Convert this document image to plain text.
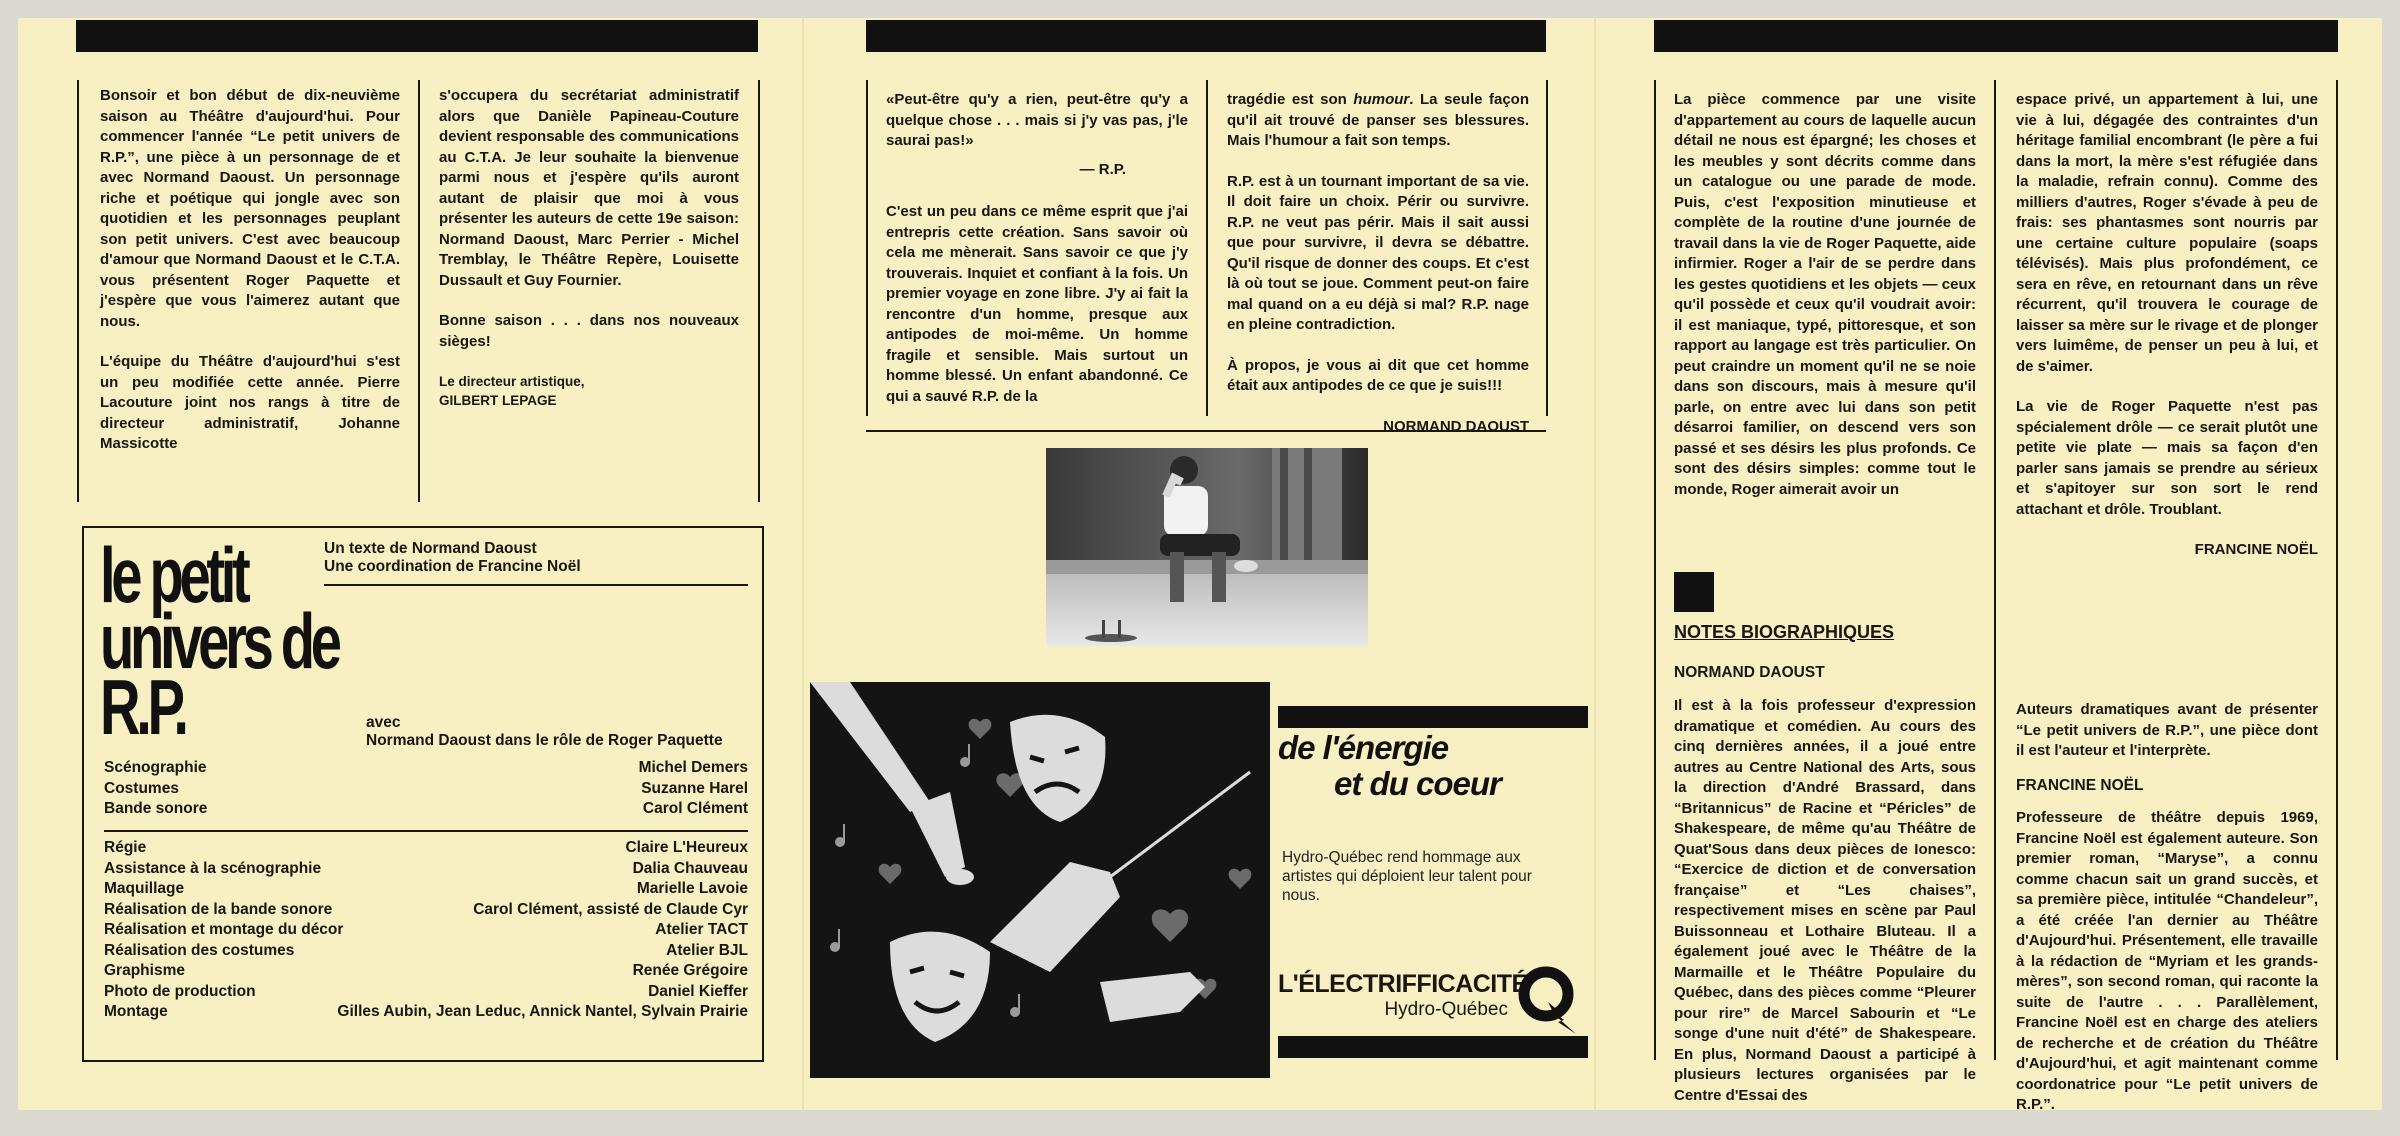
Bonsoir et bon début de dix-neuvième saison au Théâtre d'aujourd'hui. Pour commencer l'année “Le petit univers de R.P.”, une pièce à un personnage de et avec Normand Daoust. Un personnage riche et poétique qui jongle avec son quotidien et les personnages peuplant son petit univers. C'est avec beaucoup d'amour que Normand Daoust et le C.T.A. vous présentent Roger Paquette et j'espère que vous l'aimerez autant que nous.

L'équipe du Théâtre d'aujourd'hui s'est un peu modifiée cette année. Pierre Lacouture joint nos rangs à titre de directeur administratif, Johanne Massicotte

s'occupera du secrétariat administratif alors que Danièle Papineau-Couture devient responsable des communications au C.T.A. Je leur souhaite la bienvenue parmi nous et j'espère qu'ils auront autant de plaisir que moi à vous présenter les auteurs de cette 19e saison: Normand Daoust, Marc Perrier - Michel Tremblay, le Théâtre Repère, Louisette Dussault et Guy Fournier.

Bonne saison . . . dans nos nouveaux sièges!

Le directeur artistique,
GILBERT LEPAGE
le petit univers de R.P.
Un texte de Normand Daoust
Une coordination de Francine Noël
avec
Normand Daoust dans le rôle de Roger Paquette
Scénographie	Michel Demers
Costumes	Suzanne Harel
Bande sonore	Carol Clément
Régie	Claire L'Heureux
Assistance à la scénographie	Dalia Chauveau
Maquillage	Marielle Lavoie
Réalisation de la bande sonore	Carol Clément, assisté de Claude Cyr
Réalisation et montage du décor	Atelier TACT
Réalisation des costumes	Atelier BJL
Graphisme	Renée Grégoire
Photo de production	Daniel Kieffer
Montage	Gilles Aubin, Jean Leduc, Annick Nantel, Sylvain Prairie
«Peut-être qu'y a rien, peut-être qu'y a quelque chose . . . mais si j'y vas pas, j'le saurai pas!»
— R.P.

C'est un peu dans ce même esprit que j'ai entrepris cette création. Sans savoir où cela me mènerait. Sans savoir ce que j'y trouverais. Inquiet et confiant à la fois. Un premier voyage en zone libre. J'y ai fait la rencontre d'un homme, presque aux antipodes de moi-même. Un homme fragile et sensible. Mais surtout un homme blessé. Un enfant abandonné. Ce qui a sauvé R.P. de la

tragédie est son humour. La seule façon qu'il ait trouvé de panser ses blessures. Mais l'humour a fait son temps.

R.P. est à un tournant important de sa vie. Il doit faire un choix. Périr ou survivre. R.P. ne veut pas périr. Mais il sait aussi que pour survivre, il devra se débattre. Qu'il risque de donner des coups. Et c'est là où tout se joue. Comment peut-on faire mal quand on a eu déjà si mal? R.P. nage en pleine contradiction.

À propos, je vous ai dit que cet homme était aux antipodes de ce que je suis!!!

NORMAND DAOUST
de l'énergie
et du coeur
Hydro-Québec rend hommage aux artistes qui déploient leur talent pour nous.
L'ÉLECTRIFFICACITÉ
Hydro-Québec

La pièce commence par une visite d'appartement au cours de laquelle aucun détail ne nous est épargné; les choses et les meubles y sont décrits comme dans un catalogue ou une parade de mode. Puis, c'est l'exposition minutieuse et complète de la routine d'une journée de travail dans la vie de Roger Paquette, aide infirmier. Roger a l'air de se perdre dans les gestes quotidiens et les objets — ceux qu'il possède et ceux qu'il voudrait avoir: il est maniaque, typé, pittoresque, et son rapport au langage est très particulier. On peut craindre un moment qu'il ne se noie dans son discours, mais à mesure qu'il parle, on entre avec lui dans son petit désarroi familier, on descend vers son passé et ses désirs les plus profonds. Ce sont des désirs simples: comme tout le monde, Roger aimerait avoir un

espace privé, un appartement à lui, une vie à lui, dégagée des contraintes d'un héritage familial encombrant (le père a fui dans la mort, la mère s'est réfugiée dans la maladie, refrain connu). Comme des milliers d'autres, Roger s'évade à peu de frais: ses phantasmes sont nourris par une certaine culture populaire (soaps télévisés). Mais plus profondément, ce sera en rêve, en retournant dans un rêve récurrent, qu'il trouvera le courage de laisser sa mère sur le rivage et de plonger vers luimême, de penser un peu à lui, et de s'aimer.

La vie de Roger Paquette n'est pas spécialement drôle — ce serait plutôt une petite vie plate — mais sa façon d'en parler sans jamais se prendre au sérieux et s'apitoyer sur son sort le rend attachant et drôle. Troublant.

FRANCINE NOËL
NOTES BIOGRAPHIQUES
NORMAND DAOUST

Il est à la fois professeur d'expression dramatique et comédien. Au cours des cinq dernières années, il a joué entre autres au Centre National des Arts, sous la direction d'André Brassard, dans “Britannicus” de Racine et “Péricles” de Shakespeare, de même qu'au Théâtre de Quat'Sous dans deux pièces de Ionesco: “Exercice de diction et de conversation française” et “Les chaises”, respectivement mises en scène par Paul Buissonneau et Lothaire Bluteau. Il a également joué avec le Théâtre de la Marmaille et le Théâtre Populaire du Québec, dans des pièces comme “Pleurer pour rire” de Marcel Sabourin et “Le songe d'une nuit d'été” de Shakespeare. En plus, Normand Daoust a participé à plusieurs lectures organisées par le Centre d'Essai des

Auteurs dramatiques avant de présenter “Le petit univers de R.P.”, une pièce dont il est l'auteur et l'interprète.

FRANCINE NOËL

Professeure de théâtre depuis 1969, Francine Noël est également auteure. Son premier roman, “Maryse”, a connu comme chacun sait un grand succès, et sa première pièce, intitulée “Chandeleur”, a été créée l'an dernier au Théâtre d'Aujourd'hui. Présentement, elle travaille à la rédaction de “Myriam et les grands-mères”, son second roman, qui raconte la suite de l'autre . . . Parallèlement, Francine Noël est en charge des ateliers de recherche et de création du Théâtre d'Aujourd'hui, et agit maintenant comme coordonatrice pour “Le petit univers de R.P.”.
